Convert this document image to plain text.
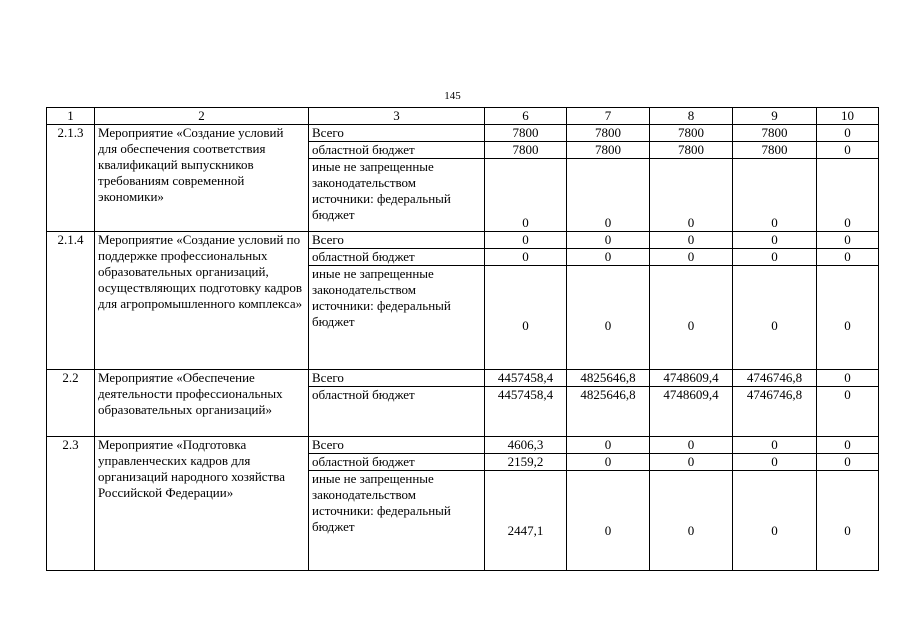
145
1	2	3	6	7	8	9	10
2.1.3	Мероприятие «Создание условий для обеспечения соответствия квалификаций выпускников требованиям современной экономики»	Всего	7800	7800	7800	7800	0
		областной бюджет	7800	7800	7800	7800	0
		иные не запрещенные законодательством источники: федеральный бюджет	0	0	0	0	0
2.1.4	Мероприятие «Создание условий по поддержке профессиональных образовательных организаций, осуществляющих подготовку кадров для агропромышленного комплекса»	Всего	0	0	0	0	0
		областной бюджет	0	0	0	0	0
		иные не запрещенные законодательством источники: федеральный бюджет	0	0	0	0	0
2.2	Мероприятие «Обеспечение деятельности профессиональных образовательных организаций»	Всего	4457458,4	4825646,8	4748609,4	4746746,8	0
		областной бюджет	4457458,4	4825646,8	4748609,4	4746746,8	0
2.3	Мероприятие «Подготовка управленческих кадров для организаций народного хозяйства Российской Федерации»	Всего	4606,3	0	0	0	0
		областной бюджет	2159,2	0	0	0	0
		иные не запрещенные законодательством источники: федеральный бюджет	2447,1	0	0	0	0
